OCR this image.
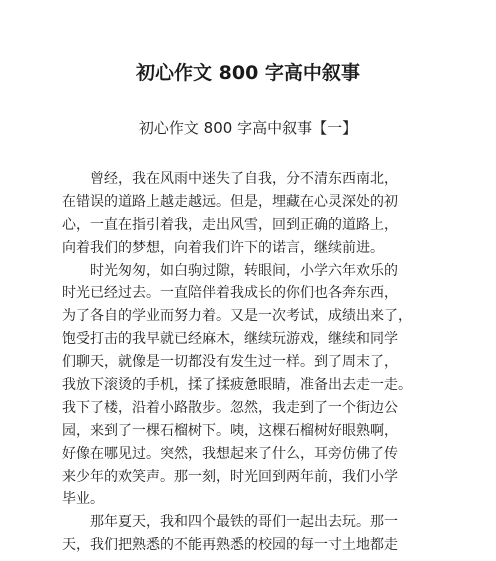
初心作文 800 字高中叙事
初心作文 800 字高中叙事【一】
　　曾经，我在风雨中迷失了自我，分不清东西南北，
在错误的道路上越走越远。但是，埋藏在心灵深处的初
心，一直在指引着我，走出风雪，回到正确的道路上，
向着我们的梦想，向着我们许下的诺言，继续前进。
　　时光匆匆，如白驹过隙，转眼间，小学六年欢乐的
时光已经过去。一直陪伴着我成长的你们也各奔东西，
为了各自的学业而努力着。又是一次考试，成绩出来了，
饱受打击的我早就已经麻木，继续玩游戏，继续和同学
们聊天，就像是一切都没有发生过一样。到了周末了，
我放下滚烫的手机，揉了揉疲惫眼睛，准备出去走一走。
我下了楼，沿着小路散步。忽然，我走到了一个街边公
园，来到了一棵石榴树下。咦，这棵石榴树好眼熟啊，
好像在哪见过。突然，我想起来了什么，耳旁仿佛了传
来少年的欢笑声。那一刻，时光回到两年前，我们小学
毕业。
　　那年夏天，我和四个最铁的哥们一起出去玩。那一
天，我们把熟悉的不能再熟悉的校园的每一寸土地都走
